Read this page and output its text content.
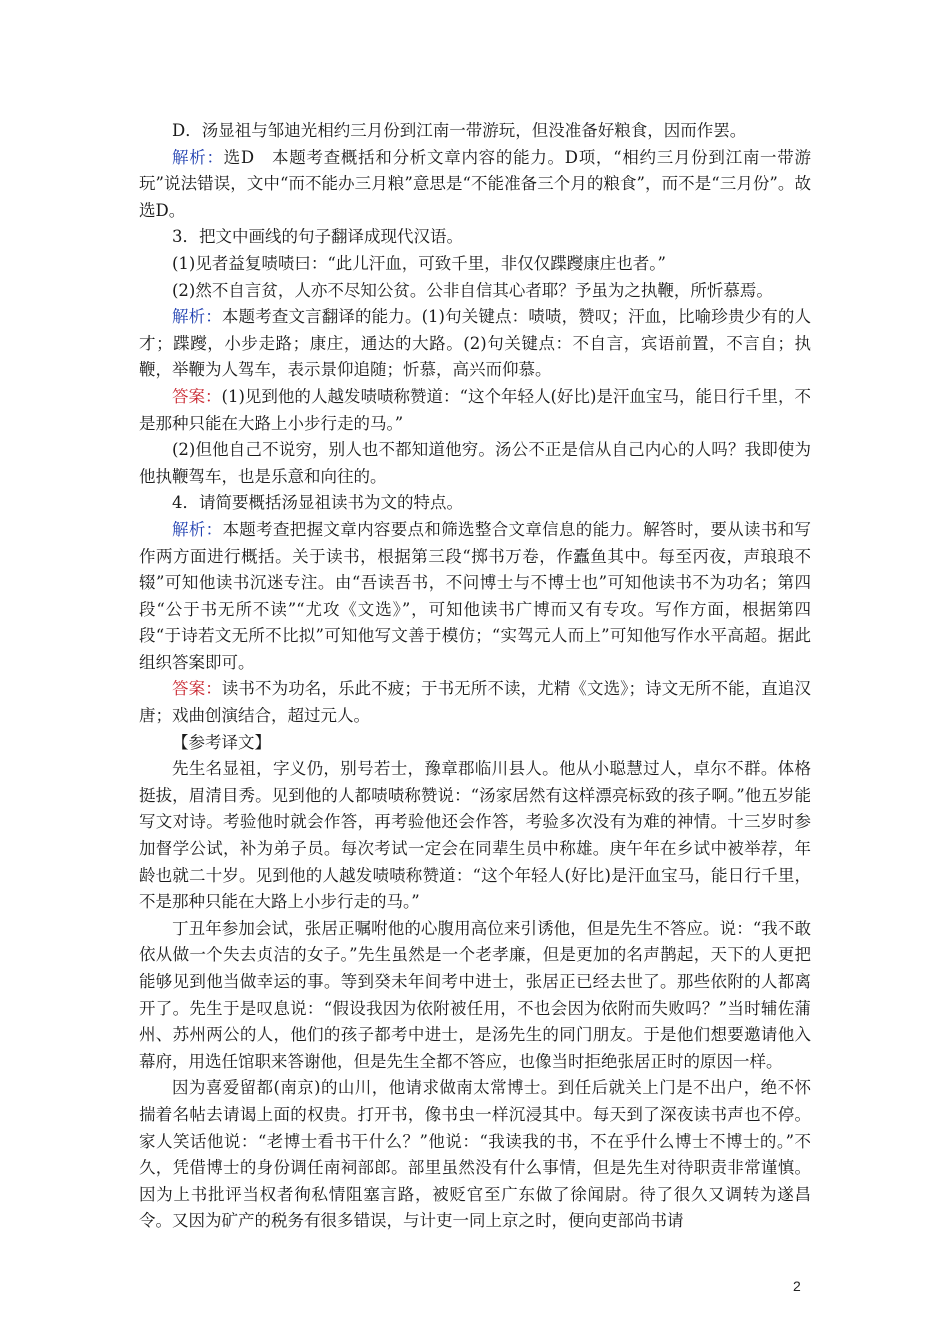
D．汤显祖与邹迪光相约三月份到江南一带游玩，但没准备好粮食，因而作罢。

解析：选D　本题考查概括和分析文章内容的能力。D项，“相约三月份到江南一带游玩”说法错误，文中“而不能办三月粮”意思是“不能准备三个月的粮食”，而不是“三月份”。故选D。

3．把文中画线的句子翻译成现代汉语。

(1)见者益复啧啧曰：“此儿汗血，可致千里，非仅仅蹀躞康庄也者。”

(2)然不自言贫，人亦不尽知公贫。公非自信其心者耶？予虽为之执鞭，所忻慕焉。

解析：本题考查文言翻译的能力。(1)句关键点：啧啧，赞叹；汗血，比喻珍贵少有的人才；蹀躞，小步走路；康庄，通达的大路。(2)句关键点：不自言，宾语前置，不言自；执鞭，举鞭为人驾车，表示景仰追随；忻慕，高兴而仰慕。

答案：(1)见到他的人越发啧啧称赞道：“这个年轻人(好比)是汗血宝马，能日行千里，不是那种只能在大路上小步行走的马。”

(2)但他自己不说穷，别人也不都知道他穷。汤公不正是信从自己内心的人吗？我即使为他执鞭驾车，也是乐意和向往的。

4．请简要概括汤显祖读书为文的特点。

解析：本题考查把握文章内容要点和筛选整合文章信息的能力。解答时，要从读书和写作两方面进行概括。关于读书，根据第三段“掷书万卷，作蠹鱼其中。每至丙夜，声琅琅不辍”可知他读书沉迷专注。由“吾读吾书，不问博士与不博士也”可知他读书不为功名；第四段“公于书无所不读”“尤攻《文选》”，可知他读书广博而又有专攻。写作方面，根据第四段“于诗若文无所不比拟”可知他写文善于模仿；“实驾元人而上”可知他写作水平高超。据此组织答案即可。

答案：读书不为功名，乐此不疲；于书无所不读，尤精《文选》；诗文无所不能，直追汉唐；戏曲创演结合，超过元人。

【参考译文】

先生名显祖，字义仍，别号若士，豫章郡临川县人。他从小聪慧过人，卓尔不群。体格挺拔，眉清目秀。见到他的人都啧啧称赞说：“汤家居然有这样漂亮标致的孩子啊。”他五岁能写文对诗。考验他时就会作答，再考验他还会作答，考验多次没有为难的神情。十三岁时参加督学公试，补为弟子员。每次考试一定会在同辈生员中称雄。庚午年在乡试中被举荐，年龄也就二十岁。见到他的人越发啧啧称赞道：“这个年轻人(好比)是汗血宝马，能日行千里，不是那种只能在大路上小步行走的马。”

丁丑年参加会试，张居正嘱咐他的心腹用高位来引诱他，但是先生不答应。说：“我不敢依从做一个失去贞洁的女子。”先生虽然是一个老孝廉，但是更加的名声鹊起，天下的人更把能够见到他当做幸运的事。等到癸未年间考中进士，张居正已经去世了。那些依附的人都离开了。先生于是叹息说：“假设我因为依附被任用，不也会因为依附而失败吗？”当时辅佐蒲州、苏州两公的人，他们的孩子都考中进士，是汤先生的同门朋友。于是他们想要邀请他入幕府，用选任馆职来答谢他，但是先生全都不答应，也像当时拒绝张居正时的原因一样。

因为喜爱留都(南京)的山川，他请求做南太常博士。到任后就关上门是不出户，绝不怀揣着名帖去请谒上面的权贵。打开书，像书虫一样沉浸其中。每天到了深夜读书声也不停。家人笑话他说：“老博士看书干什么？”他说：“我读我的书，不在乎什么博士不博士的。”不久，凭借博士的身份调任南祠部郎。部里虽然没有什么事情，但是先生对待职责非常谨慎。因为上书批评当权者徇私情阻塞言路，被贬官至广东做了徐闻尉。待了很久又调转为遂昌令。又因为矿产的税务有很多错误，与计吏一同上京之时，便向吏部尚书请

2
